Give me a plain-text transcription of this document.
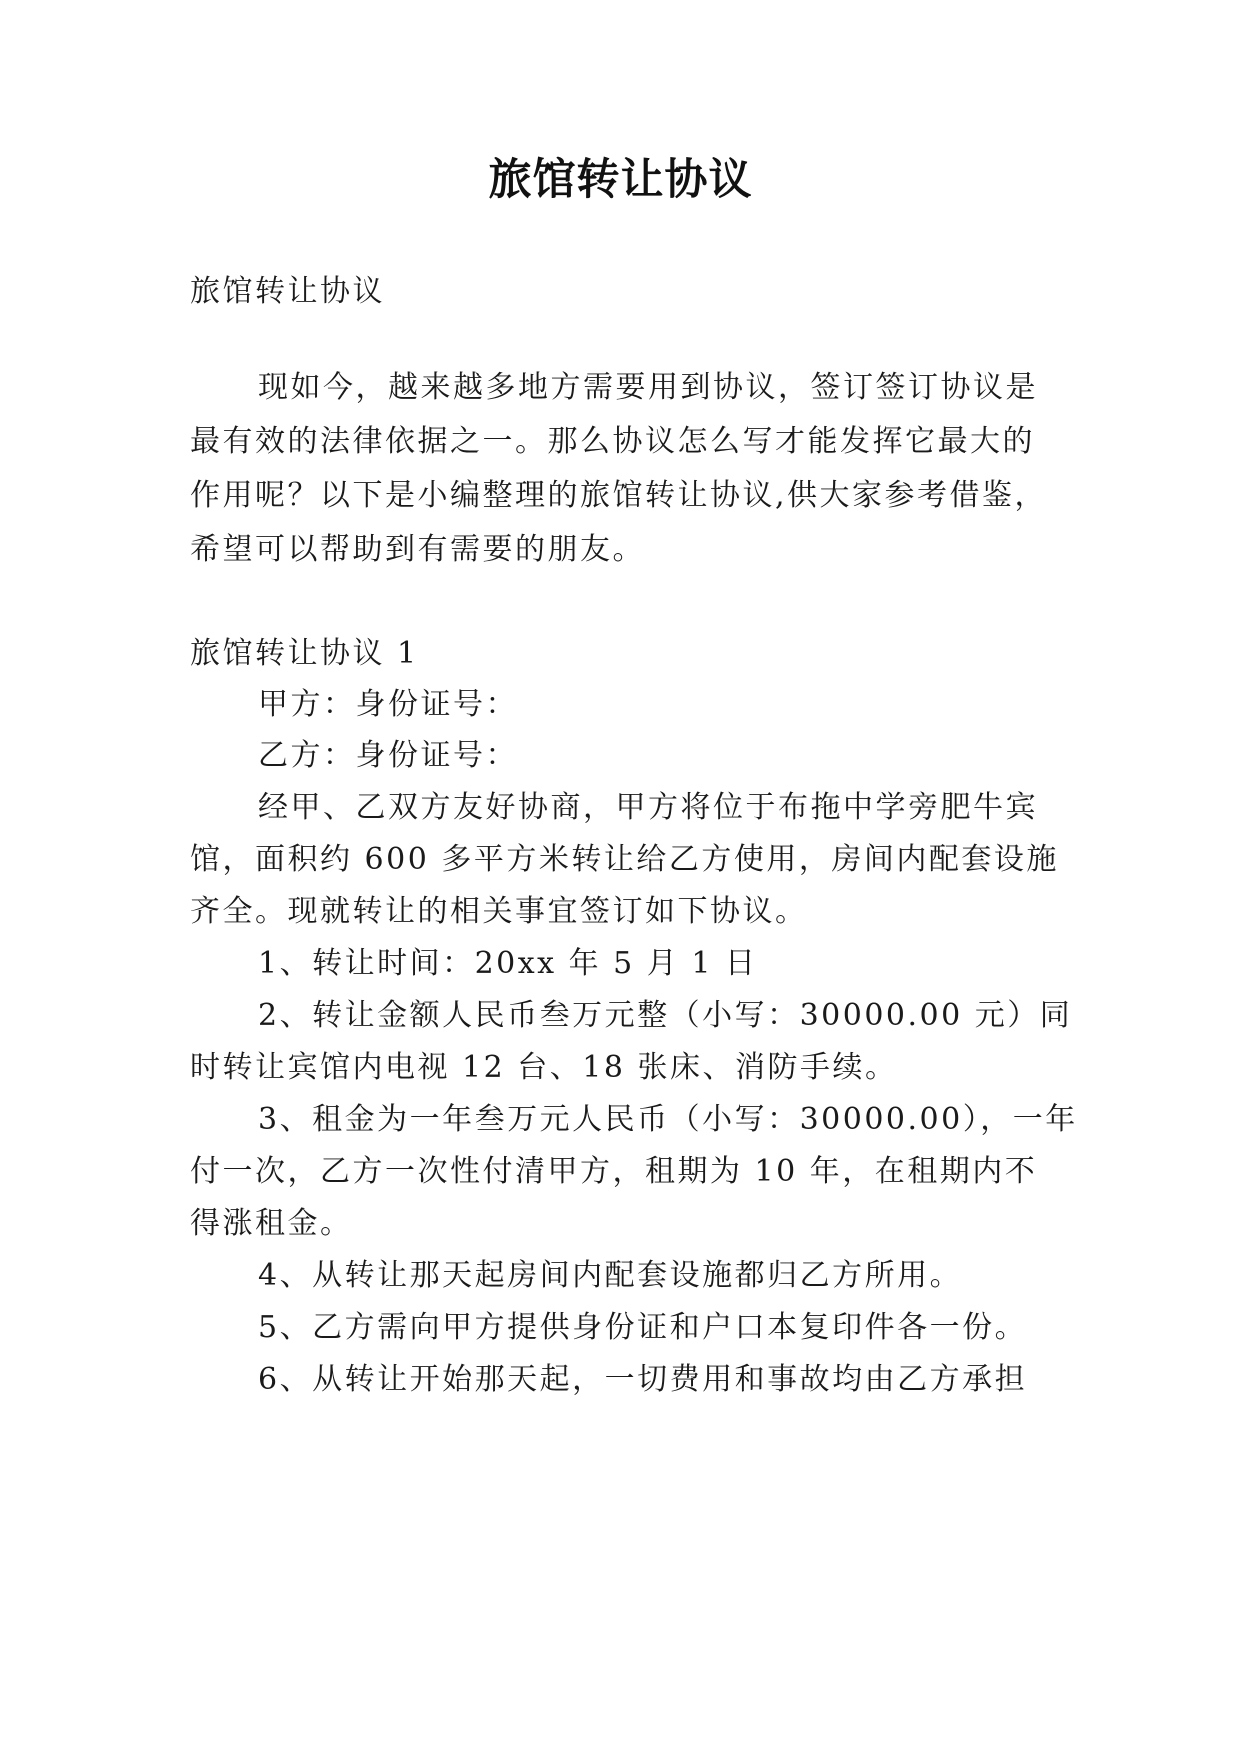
旅馆转让协议
旅馆转让协议
现如今，越来越多地方需要用到协议，签订签订协议是
最有效的法律依据之一。那么协议怎么写才能发挥它最大的
作用呢？以下是小编整理的旅馆转让协议,供大家参考借鉴，
希望可以帮助到有需要的朋友。
旅馆转让协议 1
甲方：身份证号：
乙方：身份证号：
经甲、乙双方友好协商，甲方将位于布拖中学旁肥牛宾
馆，面积约 600 多平方米转让给乙方使用，房间内配套设施
齐全。现就转让的相关事宜签订如下协议。
1、转让时间：20xx 年 5 月 1 日
2、转让金额人民币叁万元整（小写：30000.00 元）同
时转让宾馆内电视 12 台、18 张床、消防手续。
3、租金为一年叁万元人民币（小写：30000.00），一年
付一次，乙方一次性付清甲方，租期为 10 年，在租期内不
得涨租金。
4、从转让那天起房间内配套设施都归乙方所用。
5、乙方需向甲方提供身份证和户口本复印件各一份。
6、从转让开始那天起，一切费用和事故均由乙方承担
